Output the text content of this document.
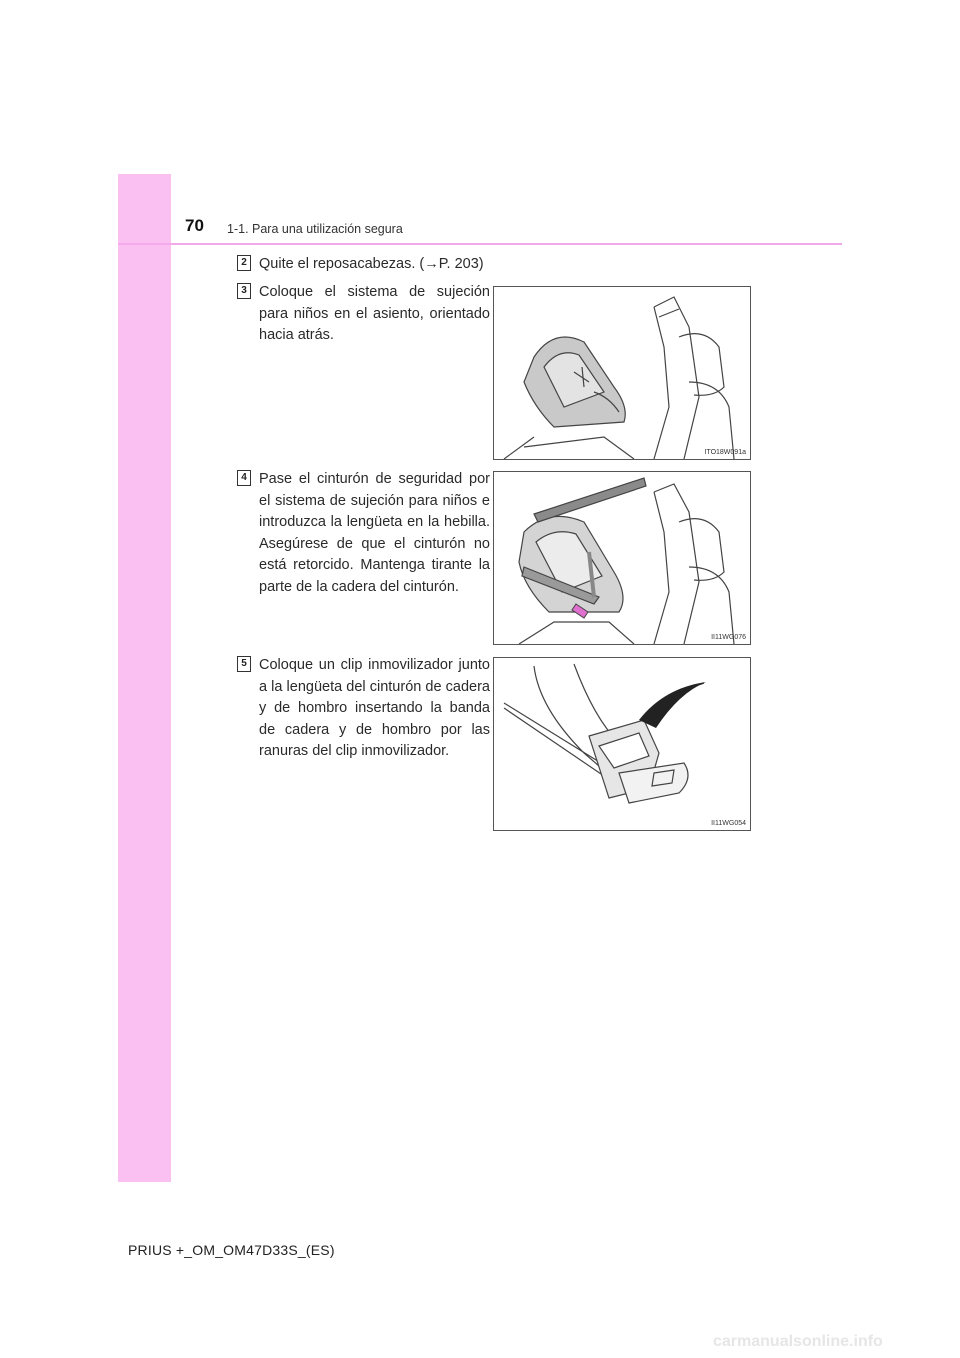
70 1-1. Para una utilización segura
2 Quite el reposacabezas. (→P. 203)
3 Coloque el sistema de sujeción para niños en el asiento, orientado hacia atrás.
ITO18W091a
4 Pase el cinturón de seguridad por el sistema de sujeción para niños e introduzca la lengüeta en la hebilla. Asegúrese de que el cinturón no está retorcido. Mantenga tirante la parte de la cadera del cinturón.
II11WG076
5 Coloque un clip inmovilizador junto a la lengüeta del cinturón de cadera y de hombro insertando la banda de cadera y de hombro por las ranuras del clip inmovilizador.
II11WG054
PRIUS +_OM_OM47D33S_(ES)
carmanualsonline.info
